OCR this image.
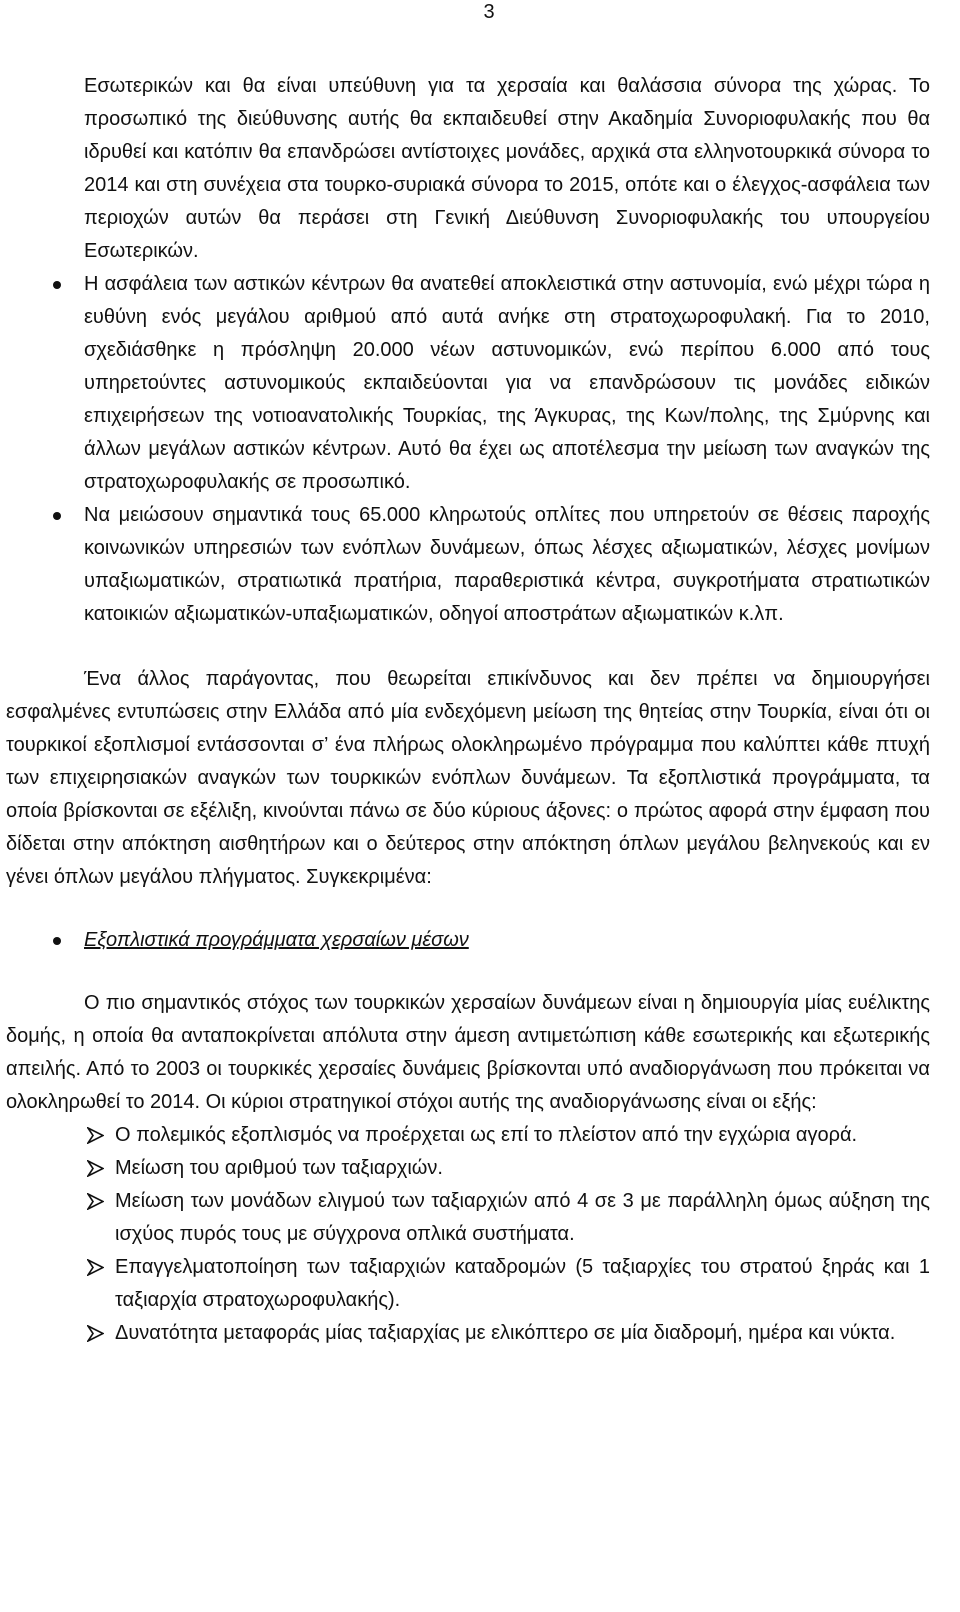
3

Εσωτερικών και θα είναι υπεύθυνη για τα χερσαία και θαλάσσια σύνορα της χώρας. Το προσωπικό της διεύθυνσης αυτής θα εκπαιδευθεί στην Ακαδημία Συνοριοφυλακής που θα ιδρυθεί και κατόπιν θα επανδρώσει αντίστοιχες μονάδες, αρχικά στα ελληνοτουρκικά σύνορα το 2014 και στη συνέχεια στα τουρκο-συριακά σύνορα το 2015, οπότε και ο έλεγχος-ασφάλεια των περιοχών αυτών θα περάσει στη Γενική Διεύθυνση Συνοριοφυλακής του υπουργείου Εσωτερικών.

Η ασφάλεια των αστικών κέντρων θα ανατεθεί αποκλειστικά στην αστυνομία, ενώ μέχρι τώρα η ευθύνη ενός μεγάλου αριθμού από αυτά ανήκε στη στρατοχωροφυλακή. Για το 2010, σχεδιάσθηκε η πρόσληψη 20.000 νέων αστυνομικών, ενώ περίπου 6.000 από τους υπηρετούντες αστυνομικούς εκπαιδεύονται για να επανδρώσουν τις μονάδες ειδικών επιχειρήσεων της νοτιοανατολικής Τουρκίας, της Άγκυρας, της Κων/πολης, της Σμύρνης και άλλων μεγάλων αστικών κέντρων. Αυτό θα έχει ως αποτέλεσμα την μείωση των αναγκών της στρατοχωροφυλακής σε προσωπικό.
Να μειώσουν σημαντικά τους 65.000 κληρωτούς οπλίτες που υπηρετούν σε θέσεις παροχής κοινωνικών υπηρεσιών των ενόπλων δυνάμεων, όπως λέσχες αξιωματικών, λέσχες μονίμων υπαξιωματικών, στρατιωτικά πρατήρια, παραθεριστικά κέντρα, συγκροτήματα στρατιωτικών κατοικιών αξιωματικών-υπαξιωματικών, οδηγοί αποστράτων αξιωματικών κ.λπ.

Ένα άλλος παράγοντας, που θεωρείται επικίνδυνος και δεν πρέπει να δημιουργήσει εσφαλμένες εντυπώσεις στην Ελλάδα από μία ενδεχόμενη μείωση της θητείας στην Τουρκία, είναι ότι οι τουρκικοί εξοπλισμοί εντάσσονται σ’ ένα πλήρως ολοκληρωμένο πρόγραμμα που καλύπτει κάθε πτυχή των επιχειρησιακών αναγκών των τουρκικών ενόπλων δυνάμεων. Τα εξοπλιστικά προγράμματα, τα οποία βρίσκονται σε εξέλιξη, κινούνται πάνω σε δύο κύριους άξονες: ο πρώτος αφορά στην έμφαση που δίδεται στην απόκτηση αισθητήρων και ο δεύτερος στην απόκτηση όπλων μεγάλου βεληνεκούς και εν γένει όπλων μεγάλου πλήγματος. Συγκεκριμένα:

Εξοπλιστικά προγράμματα χερσαίων μέσων

Ο πιο σημαντικός στόχος των τουρκικών χερσαίων δυνάμεων είναι η δημιουργία μίας ευέλικτης δομής, η οποία θα ανταποκρίνεται απόλυτα στην άμεση αντιμετώπιση κάθε εσωτερικής και εξωτερικής απειλής. Από το 2003 οι τουρκικές χερσαίες δυνάμεις βρίσκονται υπό αναδιοργάνωση που πρόκειται να ολοκληρωθεί το 2014. Οι κύριοι στρατηγικοί στόχοι αυτής της αναδιοργάνωσης είναι οι εξής:

Ο πολεμικός εξοπλισμός να προέρχεται ως επί το πλείστον από την εγχώρια αγορά.
Μείωση του αριθμού των ταξιαρχιών.
Μείωση των μονάδων ελιγμού των ταξιαρχιών από 4 σε 3 με παράλληλη όμως αύξηση της ισχύος πυρός τους με σύγχρονα οπλικά συστήματα.
Επαγγελματοποίηση των ταξιαρχιών καταδρομών (5 ταξιαρχίες του στρατού ξηράς και 1 ταξιαρχία στρατοχωροφυλακής).
Δυνατότητα μεταφοράς μίας ταξιαρχίας με ελικόπτερο σε μία διαδρομή, ημέρα και νύκτα.
